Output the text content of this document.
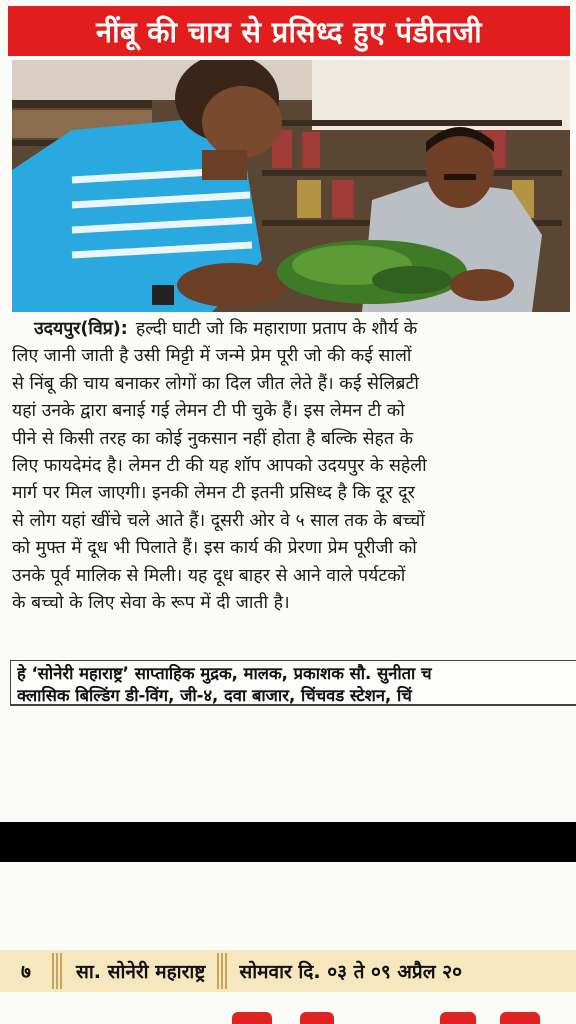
नींबू की चाय से प्रसिध्द हुए पंडीतजी
उदयपुर(विप्र): हल्दी घाटी जो कि महाराणा प्रताप के शौर्य के
लिए जानी जाती है उसी मिट्टी में जन्मे प्रेम पूरी जो की कई सालों
से निंबू की चाय बनाकर लोगों का दिल जीत लेते हैं। कई सेलिब्रटी
यहां उनके द्वारा बनाई गई लेमन टी पी चुके हैं। इस लेमन टी को
पीने से किसी तरह का कोई नुकसान नहीं होता है बल्कि सेहत के
लिए फायदेमंद है। लेमन टी की यह शॉप आपको उदयपुर के सहेली
मार्ग पर मिल जाएगी। इनकी लेमन टी इतनी प्रसिध्द है कि दूर दूर
से लोग यहां खींचे चले आते हैं। दूसरी ओर वे ५ साल तक के बच्चों
को मुफ्त में दूध भी पिलाते हैं। इस कार्य की प्रेरणा प्रेम पूरीजी को
उनके पूर्व मालिक से मिली। यह दूध बाहर से आने वाले पर्यटकों
के बच्चो के लिए सेवा के रूप में दी जाती है।
हे ‘सोनेरी महाराष्ट्र’ साप्ताहिक मुद्रक, मालक, प्रकाशक सौ. सुनीता च
क्लासिक बिल्डिंग डी-विंग, जी-४, दवा बाजार, चिंचवड स्टेशन, चिं
७	सा. सोनेरी महाराष्ट्र	सोमवार दि. ०३ ते ०९ अप्रैल २०
